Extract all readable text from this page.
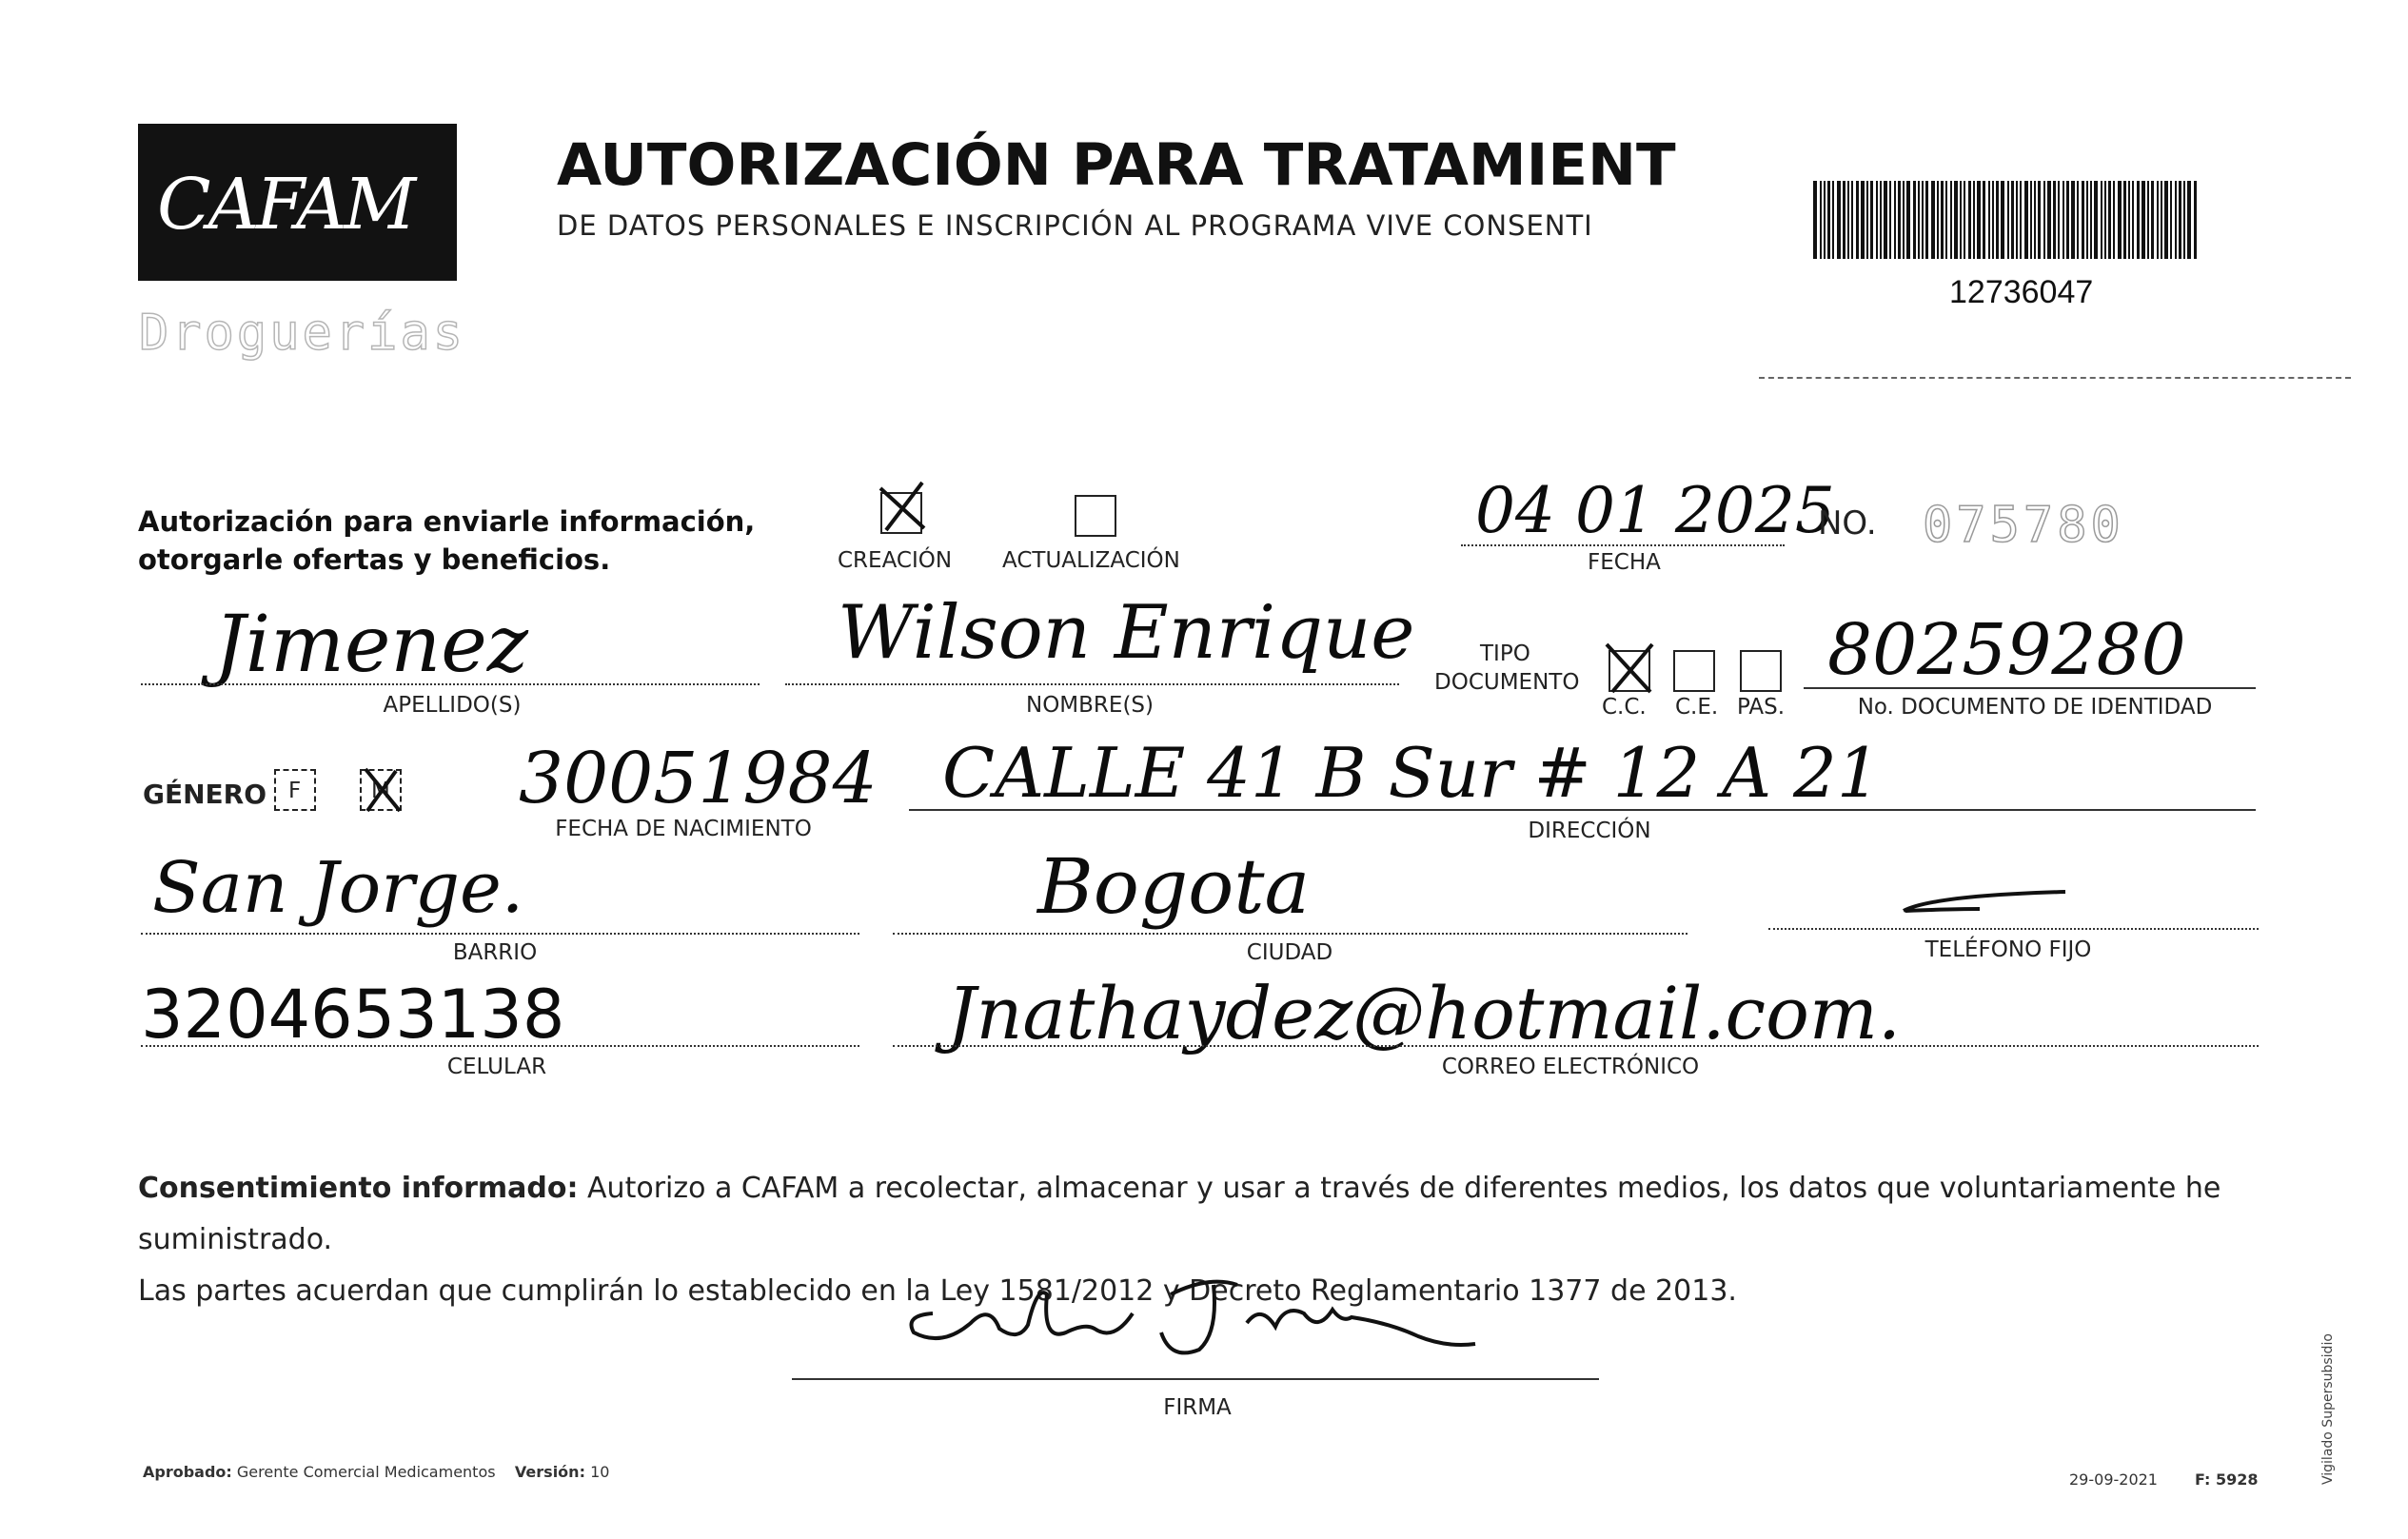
CAFAM
Droguerías
AUTORIZACIÓN PARA TRATAMIENT
DE DATOS PERSONALES E INSCRIPCIÓN AL PROGRAMA VIVE CONSENTI
12736047
Autorización para enviarle información,
otorgarle ofertas y beneficios.	CREACIÓN ACTUALIZACIÓN
04 01 2025
FECHA
NO. 075780
Jimenez
APELLIDO(S)
Wilson Enrique
NOMBRE(S)
TIPO
DOCUMENTO
C.C. C.E. PAS.
80259280
No. DOCUMENTO DE IDENTIDAD
GÉNERO F	M 30051984
FECHA DE NACIMIENTO
CALLE 41 B Sur # 12 A 21
DIRECCIÓN
San Jorge.
BARRIO
Bogota
CIUDAD	TELÉFONO FIJO
3204653138
CELULAR
Jnathaydez@hotmail.com.
CORREO ELECTRÓNICO
Consentimiento informado: Autorizo a CAFAM a recolectar, almacenar y usar a través de diferentes medios, los datos que voluntariamente he suministrado.
Las partes acuerdan que cumplirán lo establecido en la Ley 1581/2012 y Decreto Reglamentario 1377 de 2013.
FIRMA
Aprobado: Gerente Comercial Medicamentos Versión: 10	29-09-2021 F: 5928	Vigilado Supersubsidio
